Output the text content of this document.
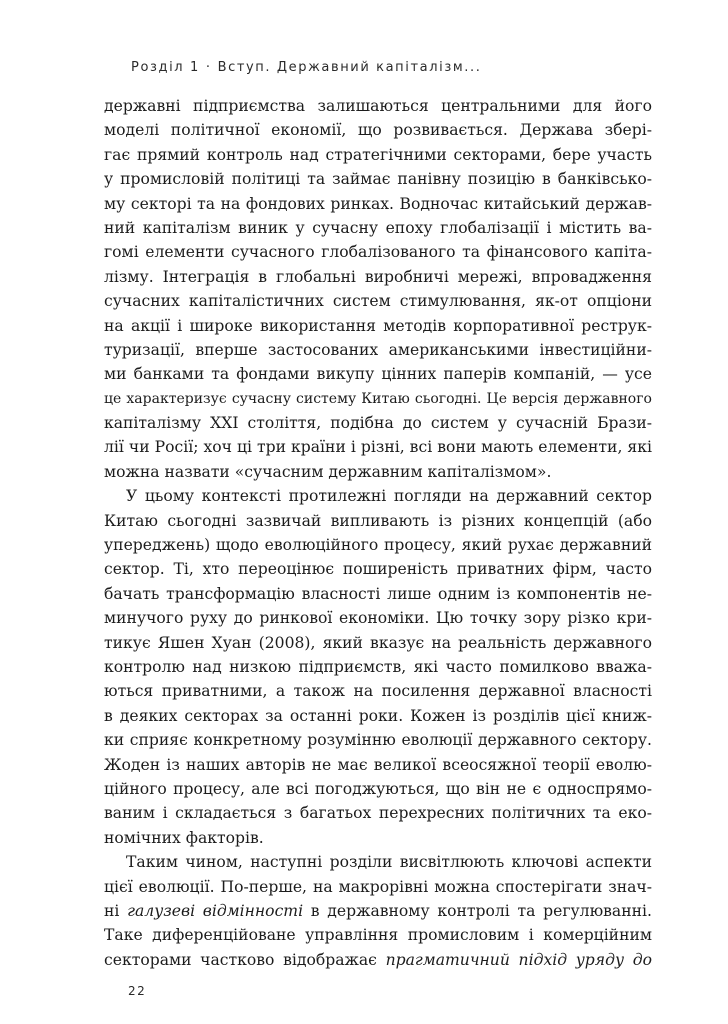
Розділ 1 · Вступ. Державний капіталізм...
державні підприємства залишаються центральними для його
моделі політичної економії, що розвивається. Держава збері-
гає прямий контроль над стратегічними секторами, бере участь
у промисловій політиці та займає панівну позицію в банківсько-
му секторі та на фондових ринках. Водночас китайський держав-
ний капіталізм виник у сучасну епоху глобалізації і містить ва-
гомі елементи сучасного глобалізованого та фінансового капіта-
лізму. Інтеграція в глобальні виробничі мережі, впровадження
сучасних капіталістичних систем стимулювання, як-от опціони
на акції і широке використання методів корпоративної реструк-
туризації, вперше застосованих американськими інвестиційни-
ми банками та фондами викупу цінних паперів компаній, — усе
це характеризує сучасну систему Китаю сьогодні. Це версія державного
капіталізму ХХІ століття, подібна до систем у сучасній Брази-
лії чи Росії; хоч ці три країни і різні, всі вони мають елементи, які
можна назвати «сучасним державним капіталізмом».
У цьому контексті протилежні погляди на державний сектор
Китаю сьогодні зазвичай випливають із різних концепцій (або
упереджень) щодо еволюційного процесу, який рухає державний
сектор. Ті, хто переоцінює поширеність приватних фірм, часто
бачать трансформацію власності лише одним із компонентів не-
минучого руху до ринкової економіки. Цю точку зору різко кри-
тикує Яшен Хуан (2008), який вказує на реальність державного
контролю над низкою підприємств, які часто помилково вважа-
ються приватними, а також на посилення державної власності
в деяких секторах за останні роки. Кожен із розділів цієї книж-
ки сприяє конкретному розумінню еволюції державного сектору.
Жоден із наших авторів не має великої всеосяжної теорії еволю-
ційного процесу, але всі погоджуються, що він не є односпрямо-
ваним і складається з багатьох перехресних політичних та еко-
номічних факторів.
Таким чином, наступні розділи висвітлюють ключові аспекти
цієї еволюції. По-перше, на макрорівні можна спостерігати знач-
ні галузеві відмінності в державному контролі та регулюванні.
Таке диференційоване управління промисловим і комерційним
секторами частково відображає прагматичний підхід уряду до
22
